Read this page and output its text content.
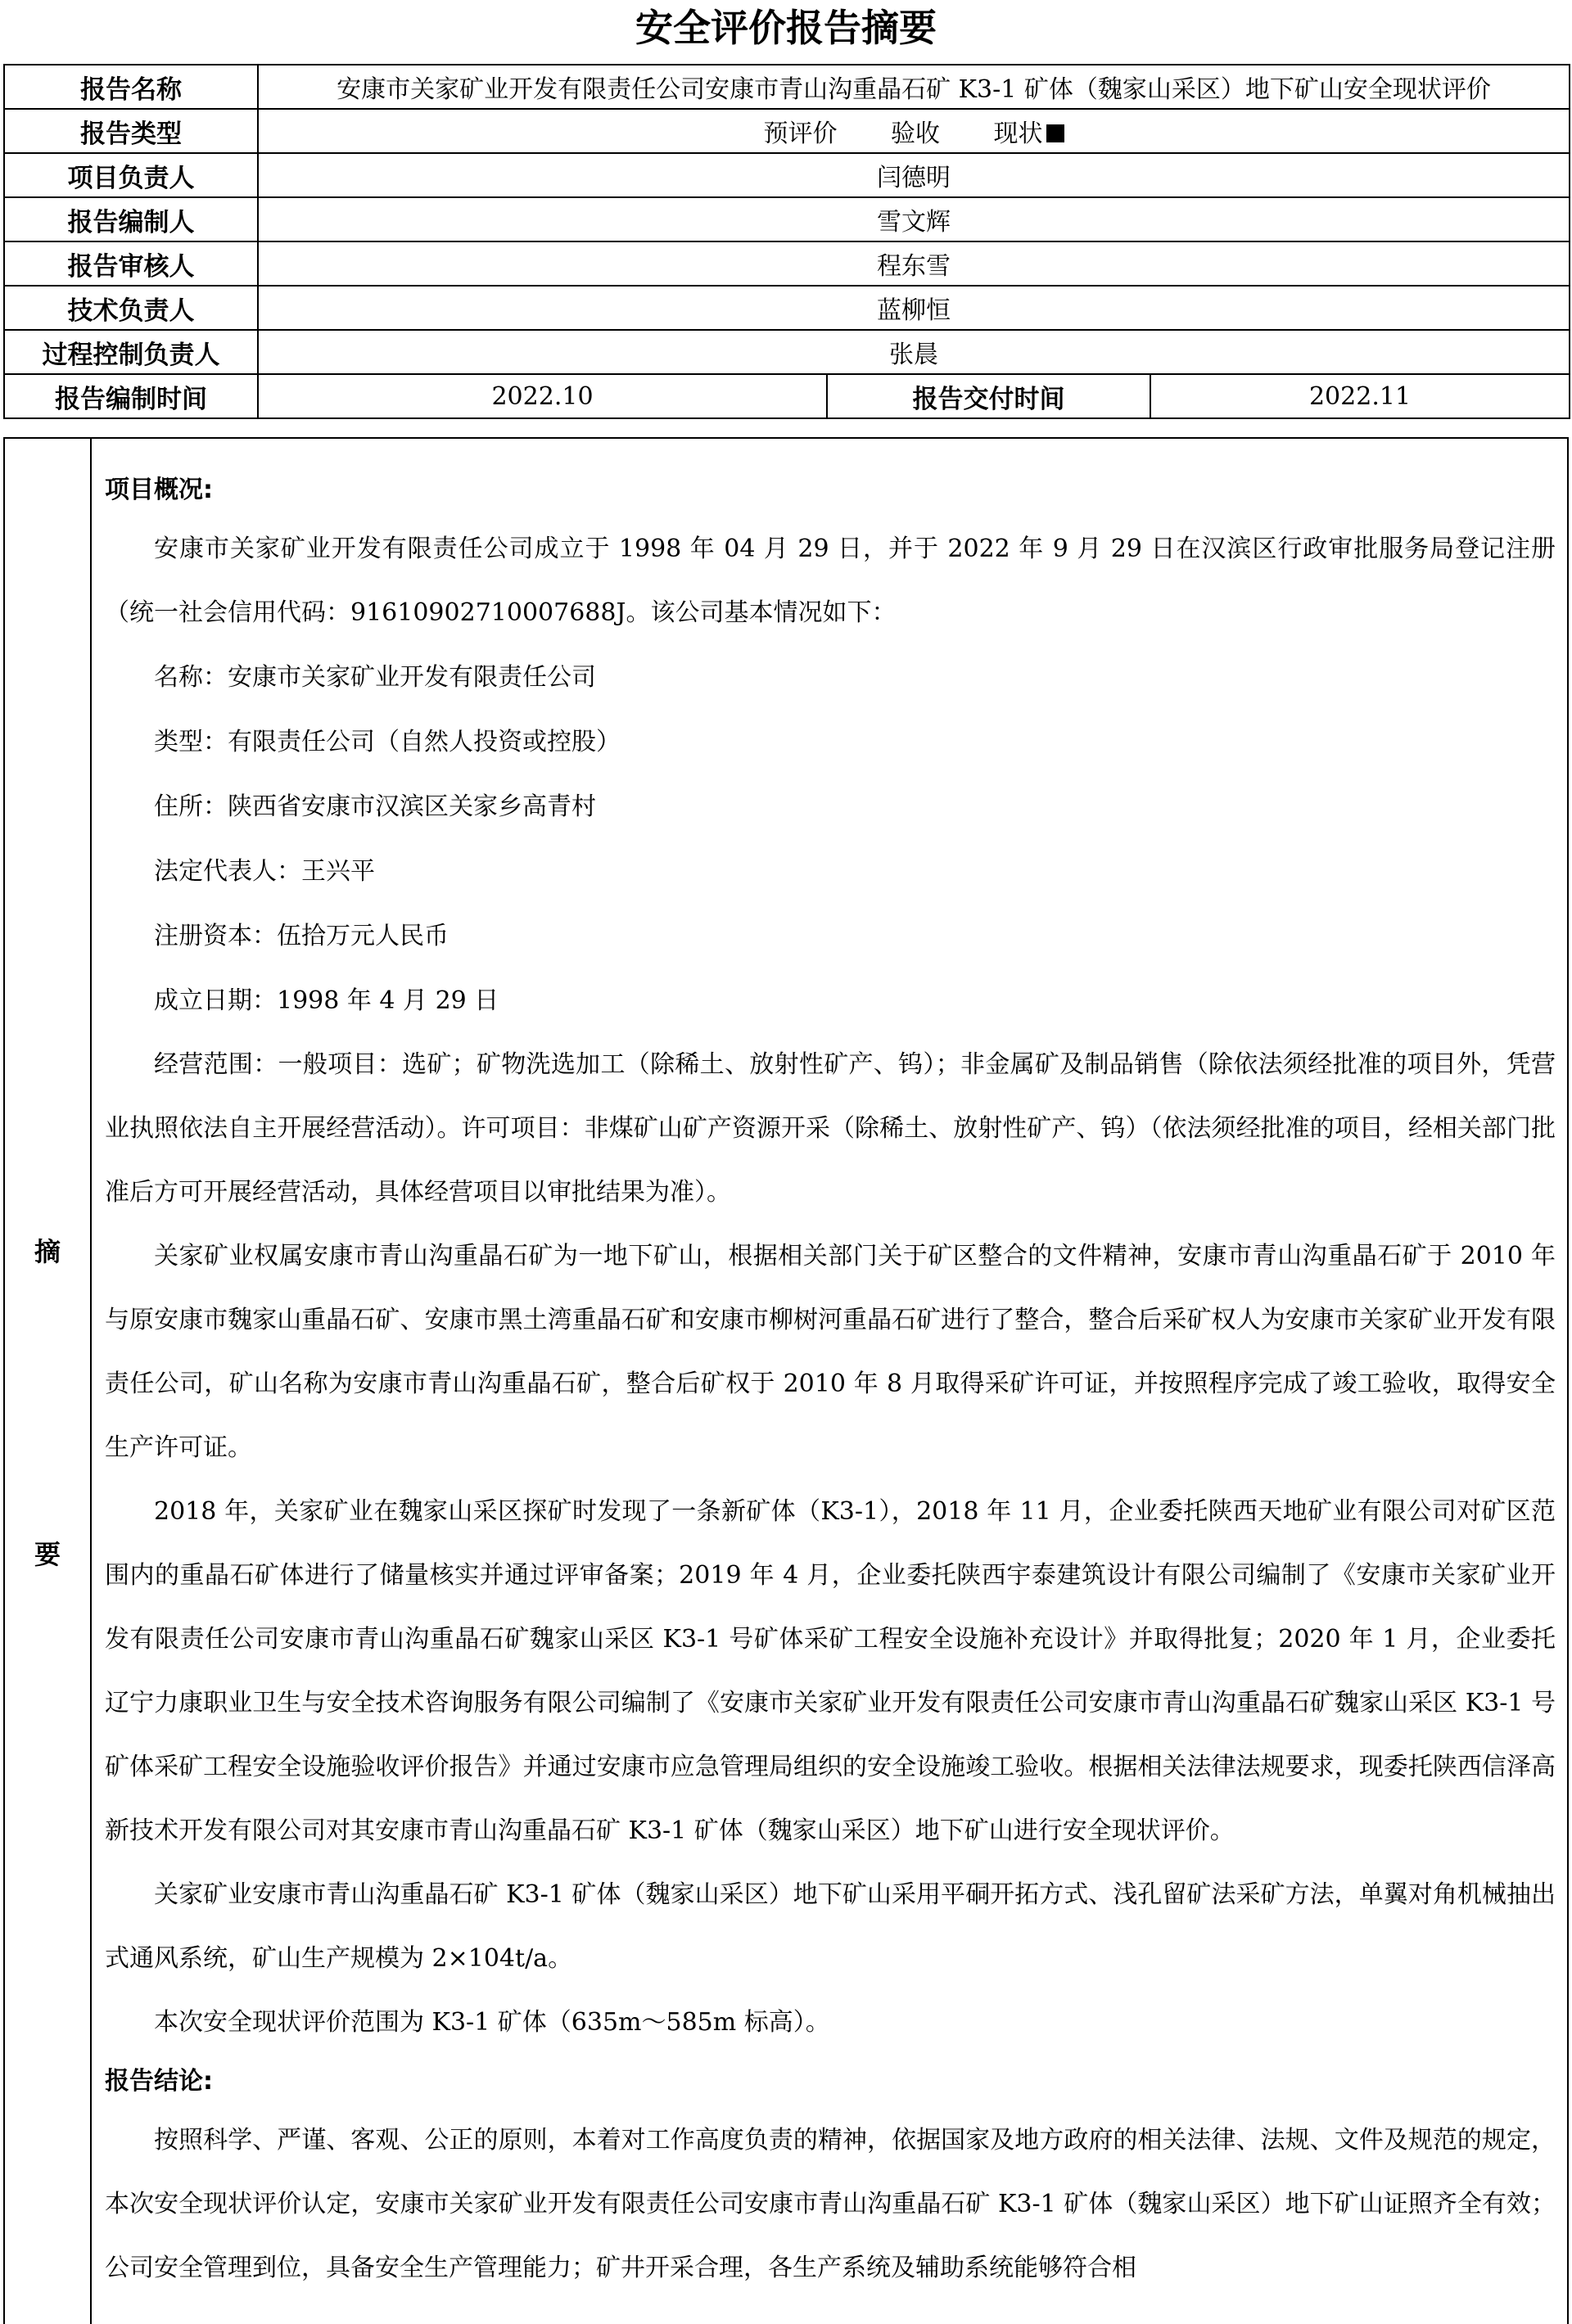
安全评价报告摘要
报告名称	安康市关家矿业开发有限责任公司安康市青山沟重晶石矿 K3-1 矿体（魏家山采区）地下矿山安全现状评价		
报告类型	预评价 验收 现状		
项目负责人	闫德明		
报告编制人	雪文辉		
报告审核人	程东雪		
技术负责人	蓝柳恒		
过程控制负责人	张晨		
报告编制时间	2022.10	报告交付时间	2022.11
摘
要

项目概况:

安康市关家矿业开发有限责任公司成立于 1998 年 04 月 29 日，并于 2022 年 9 月 29 日在汉滨区行政审批服务局登记注册（统一社会信用代码：91610902710007688J。该公司基本情况如下：

名称：安康市关家矿业开发有限责任公司

类型：有限责任公司（自然人投资或控股）

住所：陕西省安康市汉滨区关家乡高青村

法定代表人：王兴平

注册资本：伍拾万元人民币

成立日期：1998 年 4 月 29 日

经营范围：一般项目：选矿；矿物洗选加工（除稀土、放射性矿产、钨）；非金属矿及制品销售（除依法须经批准的项目外，凭营业执照依法自主开展经营活动）。许可项目：非煤矿山矿产资源开采（除稀土、放射性矿产、钨）（依法须经批准的项目，经相关部门批准后方可开展经营活动，具体经营项目以审批结果为准）。

关家矿业权属安康市青山沟重晶石矿为一地下矿山，根据相关部门关于矿区整合的文件精神，安康市青山沟重晶石矿于 2010 年与原安康市魏家山重晶石矿、安康市黑土湾重晶石矿和安康市柳树河重晶石矿进行了整合，整合后采矿权人为安康市关家矿业开发有限责任公司，矿山名称为安康市青山沟重晶石矿，整合后矿权于 2010 年 8 月取得采矿许可证，并按照程序完成了竣工验收，取得安全生产许可证。

2018 年，关家矿业在魏家山采区探矿时发现了一条新矿体（K3-1），2018 年 11 月，企业委托陕西天地矿业有限公司对矿区范围内的重晶石矿体进行了储量核实并通过评审备案；2019 年 4 月，企业委托陕西宇泰建筑设计有限公司编制了《安康市关家矿业开发有限责任公司安康市青山沟重晶石矿魏家山采区 K3-1 号矿体采矿工程安全设施补充设计》并取得批复；2020 年 1 月，企业委托辽宁力康职业卫生与安全技术咨询服务有限公司编制了《安康市关家矿业开发有限责任公司安康市青山沟重晶石矿魏家山采区 K3-1 号矿体采矿工程安全设施验收评价报告》并通过安康市应急管理局组织的安全设施竣工验收。根据相关法律法规要求，现委托陕西信泽高新技术开发有限公司对其安康市青山沟重晶石矿 K3-1 矿体（魏家山采区）地下矿山进行安全现状评价。

关家矿业安康市青山沟重晶石矿 K3-1 矿体（魏家山采区）地下矿山采用平硐开拓方式、浅孔留矿法采矿方法，单翼对角机械抽出式通风系统，矿山生产规模为 2×104t/a。

本次安全现状评价范围为 K3-1 矿体（635m～585m 标高）。

报告结论:

按照科学、严谨、客观、公正的原则，本着对工作高度负责的精神，依据国家及地方政府的相关法律、法规、文件及规范的规定，本次安全现状评价认定，安康市关家矿业开发有限责任公司安康市青山沟重晶石矿 K3-1 矿体（魏家山采区）地下矿山证照齐全有效；公司安全管理到位，具备安全生产管理能力；矿井开采合理，各生产系统及辅助系统能够符合相
